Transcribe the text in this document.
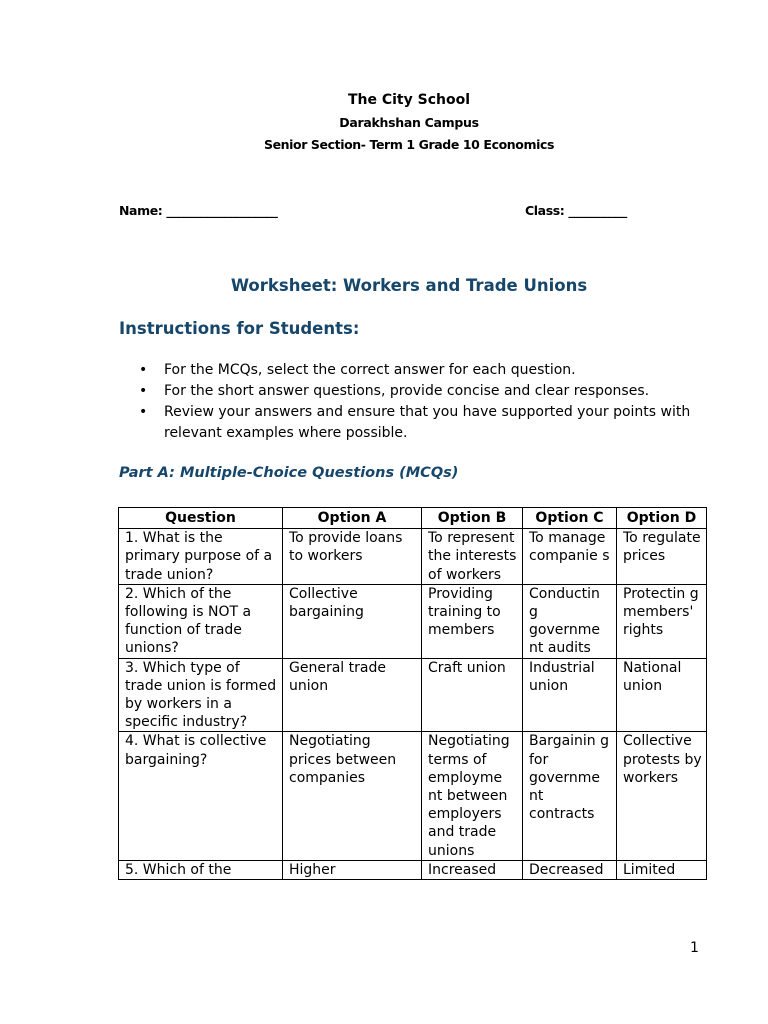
The City School
Darakhshan Campus
Senior Section- Term 1 Grade 10 Economics
Name: ___________________	Class: __________
Worksheet: Workers and Trade Unions
Instructions for Students:
• For the MCQs, select the correct answer for each question.
• For the short answer questions, provide concise and clear responses.
• Review your answers and ensure that you have supported your points with relevant examples where possible.
Part A: Multiple-Choice Questions (MCQs)
Question	Option A	Option B	Option C	Option D
1. What is the primary purpose of a trade union?	To provide loans to workers	To represent the interests of workers	To manage companie s	To regulate prices
2. Which of the following is NOT a function of trade unions?	Collective bargaining	Providing training to members	Conductin g governme nt audits	Protectin g members' rights
3. Which type of trade union is formed by workers in a specific industry?	General trade union	Craft union	Industrial union	National union
4. What is collective bargaining?	Negotiating prices between companies	Negotiating terms of employme nt between employers and trade unions	Bargainin g for governme nt contracts	Collective protests by workers
5. Which of the	Higher	Increased	Decreased	Limited
1
